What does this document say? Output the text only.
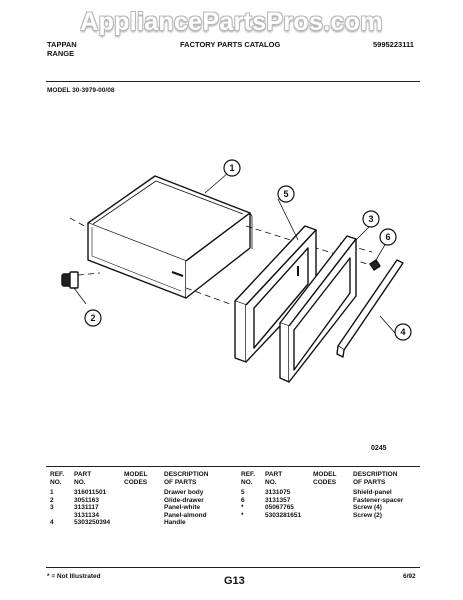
AppliancePartsPros.com
TAPPAN
RANGE
FACTORY PARTS CATALOG	5995223111
MODEL 30-3979-00/08
1
2
3
4
5
6
0245
REF.
NO.	PART
NO.	MODEL
CODES	DESCRIPTION
OF PARTS
1	316011501		Drawer body
2	3051163		Glide-drawer
3	3131117		Panel-white
	3131134		Panel-almond
4	5303250394		Handle
REF.
NO.	PART
NO.	MODEL
CODES	DESCRIPTION
OF PARTS
5	3131075		Shield-panel
6	3131357		Fastener-spacer
*	05067765		Screw (4)
*	5303281651		Screw (2)
* = Not Illustrated	G13	6/92
